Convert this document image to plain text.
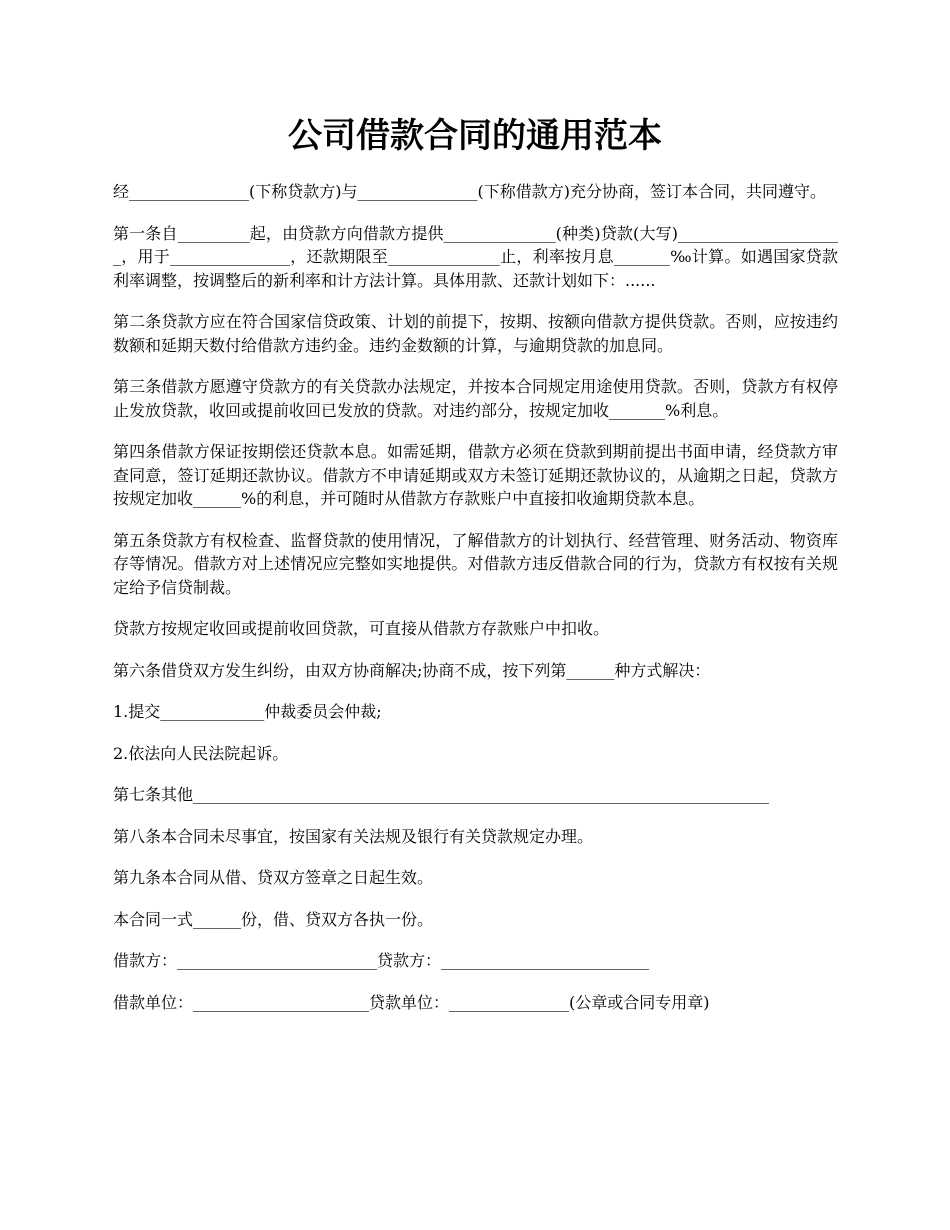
公司借款合同的通用范本

经_______________(下称贷款方)与_______________(下称借款方)充分协商，签订本合同，共同遵守。

第一条自_________起，由贷款方向借款方提供______________(种类)贷款(大写)_____________________，用于_______________，还款期限至______________止，利率按月息_______‰计算。如遇国家贷款利率调整，按调整后的新利率和计方法计算。具体用款、还款计划如下：......

第二条贷款方应在符合国家信贷政策、计划的前提下，按期、按额向借款方提供贷款。否则，应按违约数额和延期天数付给借款方违约金。违约金数额的计算，与逾期贷款的加息同。

第三条借款方愿遵守贷款方的有关贷款办法规定，并按本合同规定用途使用贷款。否则，贷款方有权停止发放贷款，收回或提前收回已发放的贷款。对违约部分，按规定加收_______%利息。

第四条借款方保证按期偿还贷款本息。如需延期，借款方必须在贷款到期前提出书面申请，经贷款方审查同意，签订延期还款协议。借款方不申请延期或双方未签订延期还款协议的，从逾期之日起，贷款方按规定加收______%的利息，并可随时从借款方存款账户中直接扣收逾期贷款本息。

第五条贷款方有权检查、监督贷款的使用情况，了解借款方的计划执行、经营管理、财务活动、物资库存等情况。借款方对上述情况应完整如实地提供。对借款方违反借款合同的行为，贷款方有权按有关规定给予信贷制裁。

贷款方按规定收回或提前收回贷款，可直接从借款方存款账户中扣收。

第六条借贷双方发生纠纷，由双方协商解决;协商不成，按下列第______种方式解决：

1.提交_____________仲裁委员会仲裁;

2.依法向人民法院起诉。

第七条其他________________________________________________________________________

第八条本合同未尽事宜，按国家有关法规及银行有关贷款规定办理。

第九条本合同从借、贷双方签章之日起生效。

本合同一式______份，借、贷双方各执一份。

借款方：_________________________贷款方：__________________________

借款单位：______________________贷款单位：_______________(公章或合同专用章)
